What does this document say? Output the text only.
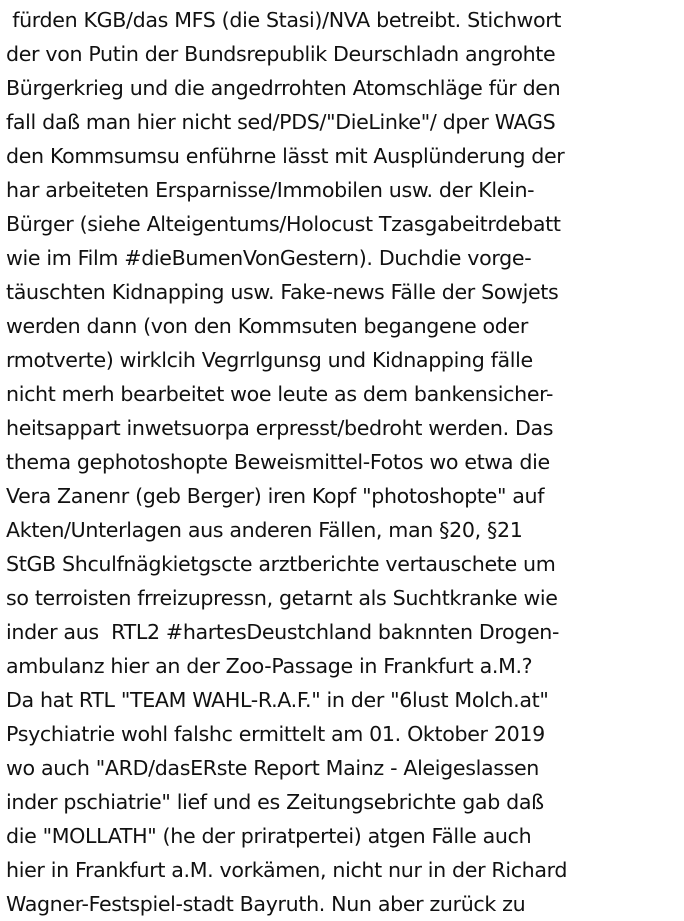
fürden KGB/das MFS (die Stasi)/NVA betreibt. Stichwort
der von Putin der Bundsrepublik Deurschladn angrohte
Bürgerkrieg und die angedrrohten Atomschläge für den
fall daß man hier nicht sed/PDS/"DieLinke"/ dper WAGS
den Kommsumsu enführne lässt mit Ausplünderung der
har arbeiteten Ersparnisse/Immobilen usw. der Klein-
Bürger (siehe Alteigentums/Holocust Tzasgabeitrdebatt
wie im Film #dieBumenVonGestern). Duchdie vorge-
täuschten Kidnapping usw. Fake-news Fälle der Sowjets
werden dann (von den Kommsuten begangene oder
rmotverte) wirklcih Vegrrlgunsg und Kidnapping fälle
nicht merh bearbeitet woe leute as dem bankensicher-
heitsappart inwetsuorpa erpresst/bedroht werden. Das
thema gephotoshopte Beweismittel-Fotos wo etwa die
Vera Zanenr (geb Berger) iren Kopf "photoshopte" auf
Akten/Unterlagen aus anderen Fällen, man §20, §21
StGB Shculfnägkietgscte arztberichte vertauschete um
so terroisten frreizupressn, getarnt als Suchtkranke wie
inder aus  RTL2 #hartesDeustchland baknnten Drogen-
ambulanz hier an der Zoo-Passage in Frankfurt a.M.?
Da hat RTL "TEAM WAHL-R.A.F." in der "6lust Molch.at"
Psychiatrie wohl falshc ermittelt am 01. Oktober 2019
wo auch "ARD/dasERste Report Mainz - Aleigeslassen
inder pschiatrie" lief und es Zeitungsebrichte gab daß
die "MOLLATH" (he der priratpertei) atgen Fälle auch
hier in Frankfurt a.M. vorkämen, nicht nur in der Richard
Wagner-Festspiel-stadt Bayruth. Nun aber zurück zu
